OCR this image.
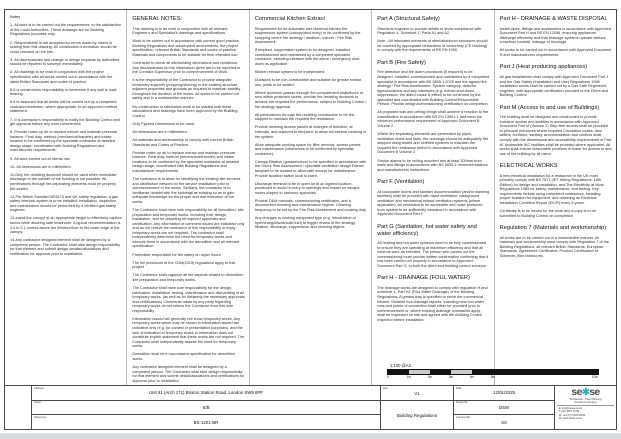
Notes

1- All work is to be carried out the requirements, to the satisfaction of the Local Authorities. These drawings are for Building Regulations purposes only.

2- Responsibility is not accepted for errors made by others in scaling from this drawing. All construction information should be cross checked on the site.

3- All discrepancies and change of design requests by authorities should be reported to surveyor immediately.

4- All drawings to be read in conjunction with the project specification with all works carried out in accordance with the latest British Standards and codes of practice.

5-It is constructors responsibility to determine if any wall is load-bearing.

6-It is assumed that all works will be carried out by a competent contractor/workmen, where appropriate, to an approved method statement.

7- It is contractor's responsibility to notify the Building Control and get approval before any work commences.

8- Provide make-up air to replace extract and maintain pressure balance. Final duty, method (mechanical/transfer) and intake location to be confirmed by the specialist contractor at detailed design stage; coordinated with Building Regulations and manufacturer requirements.

9- All work carried out at clients risk.

10- All dimensions are in millimeters.

11-Only fire-resisting ductwork should be used when immediate discharge to the outside of the building is not possible. All penetrations through fire-separating elements must be properly fire-sealed.

12-Per British Standard BS6173 and UK safety regulation, a gas safety interlock system is to be installed; installation, inspection and maintenance should be performed by a certified gas safety engineer.

13-Install the canopy at an appropriate height to effectively capture fumes while allowing safe headroom. A typical recommendation is 2.0 to 2.1 metres above the finished floor to the lower edge of the canopy.

14-Any contractor designed element shall be designed by a competent person. The Contractor shall take design responsibility for that element and submit design details/calculations and certification for approval prior to installation.

GENERAL NOTES:

This drawing is to be read in conjunction with all relevant Engineer's and Specialist's drawings and specifications.

Work to be carried out in accordance with current good practice, Building Regulations and subsequent amendments, the project specification, relevant British Standards and codes of practice. Materials and components to be suitable for their intended use.

Contractor to check all site/building dimensions and conditions. Any discrepancies on the information given are to be reported to the Contract Supervisor prior to commencement of Work.

It is the responsibility of the Contractor to provide adequate temporary supports (propping/shoring) to the existing structure, adjacent properties and grounds as required to maintain stability throughout the duration of the works. All works to be carried out safely and in a workmanlike manner.

No construction or fabrication work to be started until these calculations and drawings have been approved by the Building Control

Only Figured Dimensions to be used.

All dimensions are in millimeters.

All materials and workmanship to comply with current British Standards and Codes of Practice.

Provide make-up air to replace extract and maintain pressure balance. Final duty, method (mechanical/transfer) and intake locations to be confirmed by the specialist contractor at detailed design stage; coordinated with Building Regulations and manufacturer requirements.

The contractor is to allow for identifying the existing site services and distribution network for the service installation prior to commencement of the works. Similarly, the contractor is to familiarise himself with the buildings as existing so as to gain adequate knowledge for the proper and due execution of the works.

The Contractor shall have sole responsibility for all demolition, site preparation and temporary works, including their design, installation, and for obtaining all required approvals and certification. Any information or comment issued are indicative only and do not relieve the contractor of this responsibility or imply temporary works are not required. The contractor shall independently determine the need for temporary works and execute them in accordance with the demolition and all relevant specification.

Freeholder responsible for fire safety on upper floors

The full provisions of the CDM(2015) regulations apply to this project

The Contractor shall organize all the aspects related to demolition, site preparation and temporary works.

The Contractor shall have sole responsibility for the design, fabrication, installation, testing, maintenance and dismantling of all temporary works, (as well as for obtaining the necessary approvals and certifications) Comments made by any party regarding temporary works do not relieve the Contractor from this sole responsibility

Information issued will generally not show temporary works. Any temporary works which may be shown in information issued are indicative only (e.g. for context or presentation purposes), and the lack of indication of temporary works in information does not constitute implicit statement that these works are not required. The Contractor shall independently assess the need for temporary works.

Demolition shall be in accordance specification for demolition works.

Any contractor designed element shall be designed by a competent person. The Contractor shall take design responsibility for that element and submit detail/calculations and certifications for approval prior to installation

Commercial Kitchen Extract

Requirement for an automatic wet chemical kitchen fire suppression system (canopy/duct entry) to be confirmed by the shopping centre fire strategy / landlord / insurer / Fire Risk Assessment.

If required, suppression system to be designed, installed, commissioned and maintained by a competent specialist contractor, including interface with fire alarm / emergency shut-down as applicable.

Kitchen extract system to be independent.

Ductwork to be non-combustible and suitable for grease extract use; joints to be sealed.

Where ductwork passes through fire compartment walls/floors or runs within protected routes, provide fire-resisting ductwork to achieve the required fire performance, subject to Building Control / fire strategy approval.

All penetrations through fire-resisting construction to be fire-stopped to maintain the required fire resistance.

Provide cleaning access panels at changes of direction, at intervals, and adjacent to fan/plant, to allow full internal cleaning of the system.

Allow adequate working space for filter removal, access panels and maintenance (clearances to be confirmed by specialist contractor).

Canopy filtration (grease/odour) to be specified in accordance with the Odour Risk Assessment / specialist ventilation design Extract fan/plant to be located to allow safe access for maintenance. Provide isolation switch local to plant.

Discharge terminal to be to open air at an agreed location, positioned to avoid re-entry to openings and impact on escape routes subject to statutory approvals.

Provide O&M manuals, commissioning certificates, and a documented cleaning and maintenance regime. Cleaning frequency to be set by the Fire Risk Assessment and cooking duty.

Any changes to cooking equipment type (e.g. introduction of fryer/chargrill/wok/solid fuel) to trigger review of fire strategy, filtration, discharge, suppression and cleaning regime.

Part A (Structural Safety)

Structural engineer to provide details to show compliance with Regulation 4, Schedule 1; Parts A1 and A2.

Note - All fabricated elements of steel/aluminum structures should be covered by appropriate declaration of conformity (CE Marking) to comply with the requirements of BS EN 1090.

Part B (Fire Safety)

Fire detection and fire alarm provisions (if required) to be designed, installed, commissioned and maintained by a competent specialist in accordance with BS 5839-1:2025 and the agreed fire strategy / Fire Risk Assessment. System category, detector types/locations and any interfaces (e.g. extract shut-down, suppression, fire alarm cause & effect) to be confirmed by the specialist and coordinated with Building Control/Responsible Person. Provide design/commissioning certification on completion.

All proposed wall and ceiling linings shall achieve a reaction to fire classification in accordance with BS EN 13501-1 and meet the minimum performance requirement of Approved Document B Volume 2.

Where fire separating elements are penetrated by pipes, ventilation ducts and flues, the openings should be adequately fire stopped using tested and certified systems to maintain the required fire resistance period in accordance with Approved Document B Volume 2

Smoke alarms to be ceiling mounted and at least 300mm from walls and fittings in accordance with BS 5839-1 recommendations and manufacturers instructions.

Part F (Ventilation)

All occupable rooms and sanitary accommodation (and/or washing facilities) shall be provided with rapid ventilation, background ventilation and mechanical extract ventilation systems (where applicable). All ventilation to be accessible and noise produced from system to be sufficiently contained in accordance with Approved Document Part F.

Part G (Sanitation, hot water safety and water efficiency)

All heating and hot water systems need to be fully commissioned to ensure they are operating at maximum efficiency and that all controls work as intended. The person who carries out the commissioning must provide written confirmation confirming that it has been carried out properly in accordance to Approved Document Part G, to both the client and building control surveyor.

Part H - DRAINAGE (FOUL WATER)

The drainage works are designed to comply with regulation H and schedule 1, Part H1 (Foul Water Drainage) of the Building Regulations. A grease trap is specified to serve the commercial kitchen. Detailed foul drainage layouts, including new foul water runs and points of connection shall either be provided prior to commencement or, where existing drainage constraints apply, shall be inspected on site and agreed with the Building Control Inspector before installation.

Part H - DRAINAGE & WASTE DISPOSAL

Install pipes, fittings and accessories in accordance with Approved Document Part H and BS EN 12056, ensuring appliances discharge efficiently and that drainage systems operate without crossflow, backfall, leakage or blockage.

All works to be carried out in accordance with Approved Document H and manufacturers requirements

Part J (Heat producing appliances)

All gas installations shall comply with Approved Document Part J and the Gas Safety (Installation and Use) Regulations 1998 Installation works shall be carried out by a Gas Safe Registered engineer, with appropriate certification provided to the Client and Building Control

Part M (Access to and use of Buildings)

The building shall be designed and constructed to provide inclusive access and facilities in accordance with Approved Document Part M (Volume 2) Step-free access shall be provided to principal entrances where required Circulation routes, door widths, corridors, sanitary accommodation and controls shall comply with the dimensional and accessibility requirements of Part M. Accessible WC facilities shall be provided where applicable. All works shall ensure reasonable provision is made for access to and use of the building by all users.

ELECTRICAL WORKS

A new electrical installation for a restaurant in the UK must primarily comply with BS 7671 (IET Wiring Regulations, 18th Edition) for design and installation, and The Electricity at Work Regulations 1989 for safety, maintenance, and testing. Key requirements include using competent contractors, installing proper isolation for equipment, and obtaining an Electrical Installation Condition Report (EICR) every 5 years.

Certificate is to be issued for the work and a copy is to be submitted to Building Control on completion

Regulation 7 (Materials and workmanship)

All works are to be carried out in a workmanlike manner. All materials and workmanship must comply with Regulation 7 of the Building Regulations, all relevant British Standards, European Standards, Agreement Certificates, Product Certification of Schemes (Kite Marks) etc.

1:100 @A3
0	1m	2m	3m	4m	5m	10m
Address
Unit 91 (Arch 171) Brixton Station Road, London SW9 8PF
Sheet
S/B
Reference
BS-1201-BR
Rev
V1
Building Regulations
Date
12/01/2025
Drawn By
DSW
Checked By
SS
se✱se
Architecture - Town Planning
Premises Licensing
E. info@sease.co.uk
T. 020 4579 32 69
M. +44 (0) 7404743049
W. www.sease.co.uk
